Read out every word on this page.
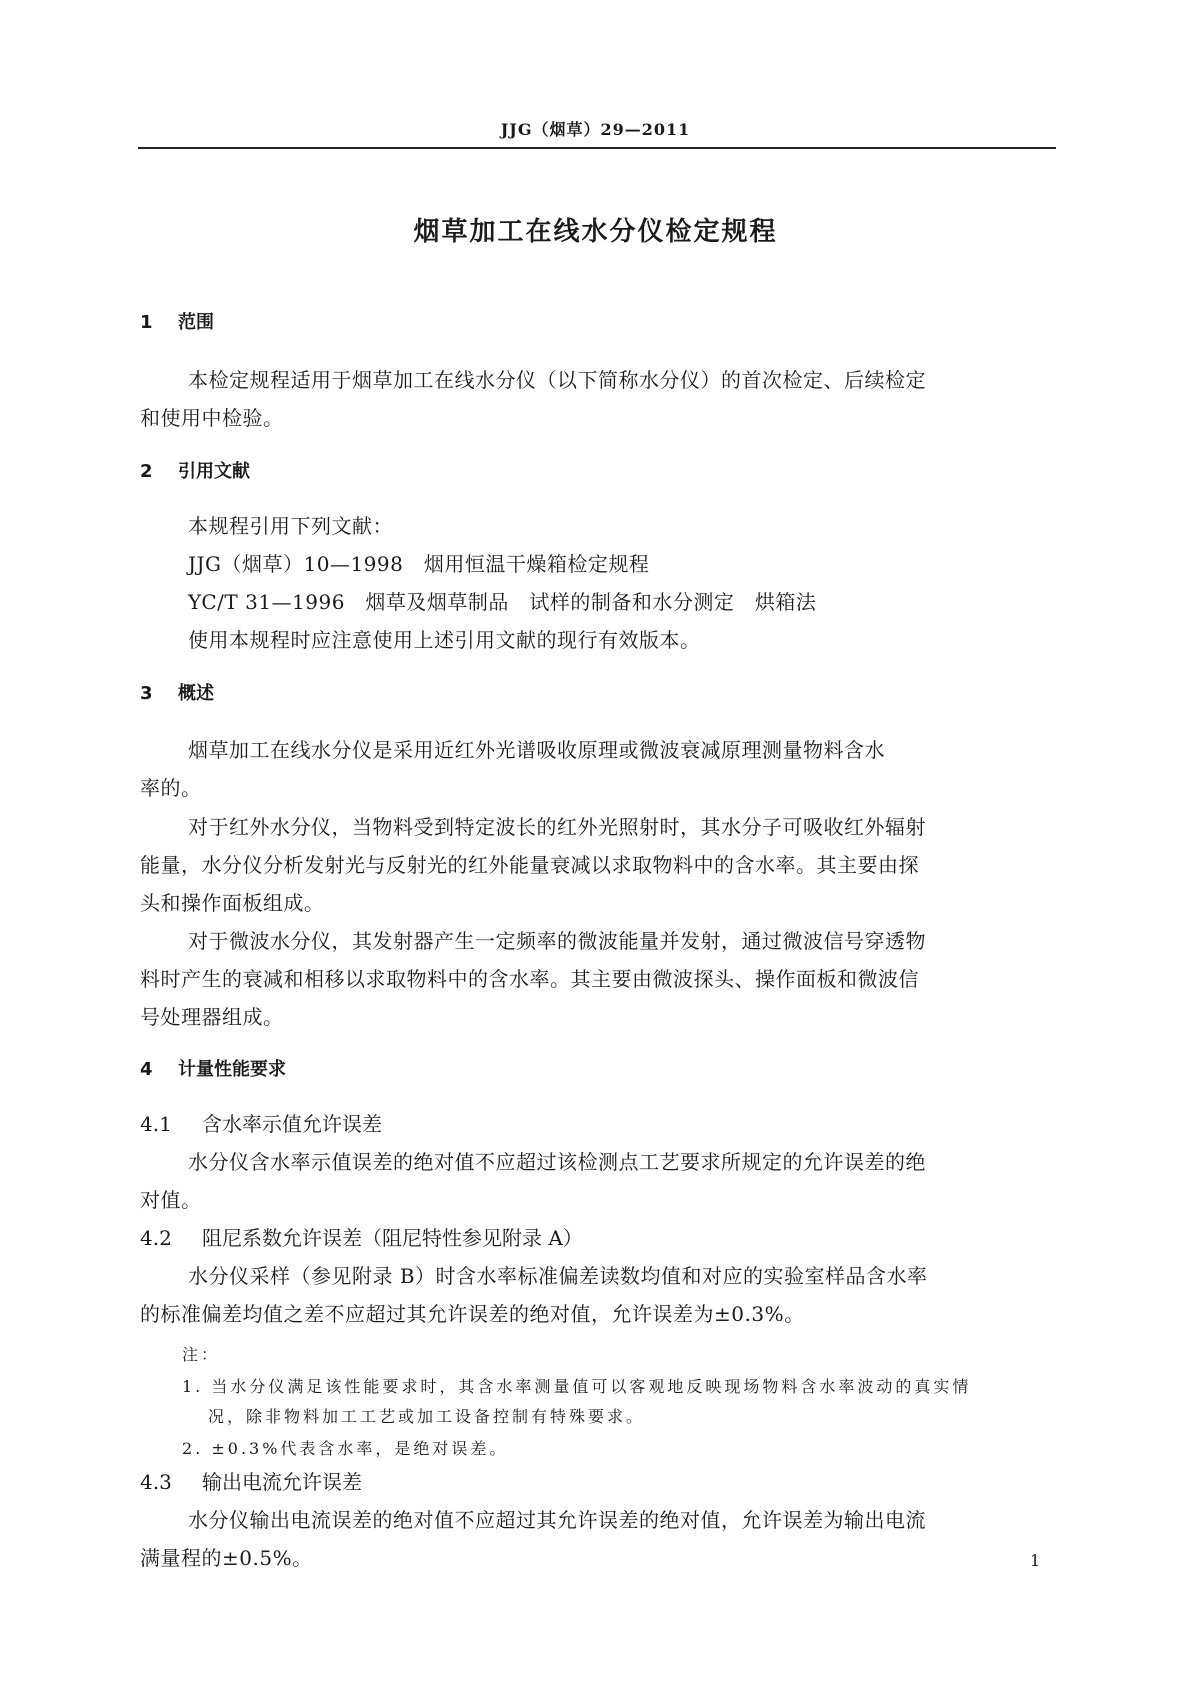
JJG（烟草）29—2011
烟草加工在线水分仪检定规程
1 范围
本检定规程适用于烟草加工在线水分仪（以下简称水分仪）的首次检定、后续检定
和使用中检验。
2 引用文献
本规程引用下列文献：
JJG（烟草）10—1998　烟用恒温干燥箱检定规程
YC/T 31—1996　烟草及烟草制品　试样的制备和水分测定　烘箱法
使用本规程时应注意使用上述引用文献的现行有效版本。
3 概述
烟草加工在线水分仪是采用近红外光谱吸收原理或微波衰减原理测量物料含水
率的。
对于红外水分仪，当物料受到特定波长的红外光照射时，其水分子可吸收红外辐射
能量，水分仪分析发射光与反射光的红外能量衰减以求取物料中的含水率。其主要由探
头和操作面板组成。
对于微波水分仪，其发射器产生一定频率的微波能量并发射，通过微波信号穿透物
料时产生的衰减和相移以求取物料中的含水率。其主要由微波探头、操作面板和微波信
号处理器组成。
4 计量性能要求
4.1 含水率示值允许误差
水分仪含水率示值误差的绝对值不应超过该检测点工艺要求所规定的允许误差的绝
对值。
4.2 阻尼系数允许误差（阻尼特性参见附录 A）
水分仪采样（参见附录 B）时含水率标准偏差读数均值和对应的实验室样品含水率
的标准偏差均值之差不应超过其允许误差的绝对值，允许误差为±0.3%。
注：
1. 当水分仪满足该性能要求时，其含水率测量值可以客观地反映现场物料含水率波动的真实情
况，除非物料加工工艺或加工设备控制有特殊要求。
2. ±0.3%代表含水率，是绝对误差。
4.3 输出电流允许误差
水分仪输出电流误差的绝对值不应超过其允许误差的绝对值，允许误差为输出电流
满量程的±0.5%。	1
